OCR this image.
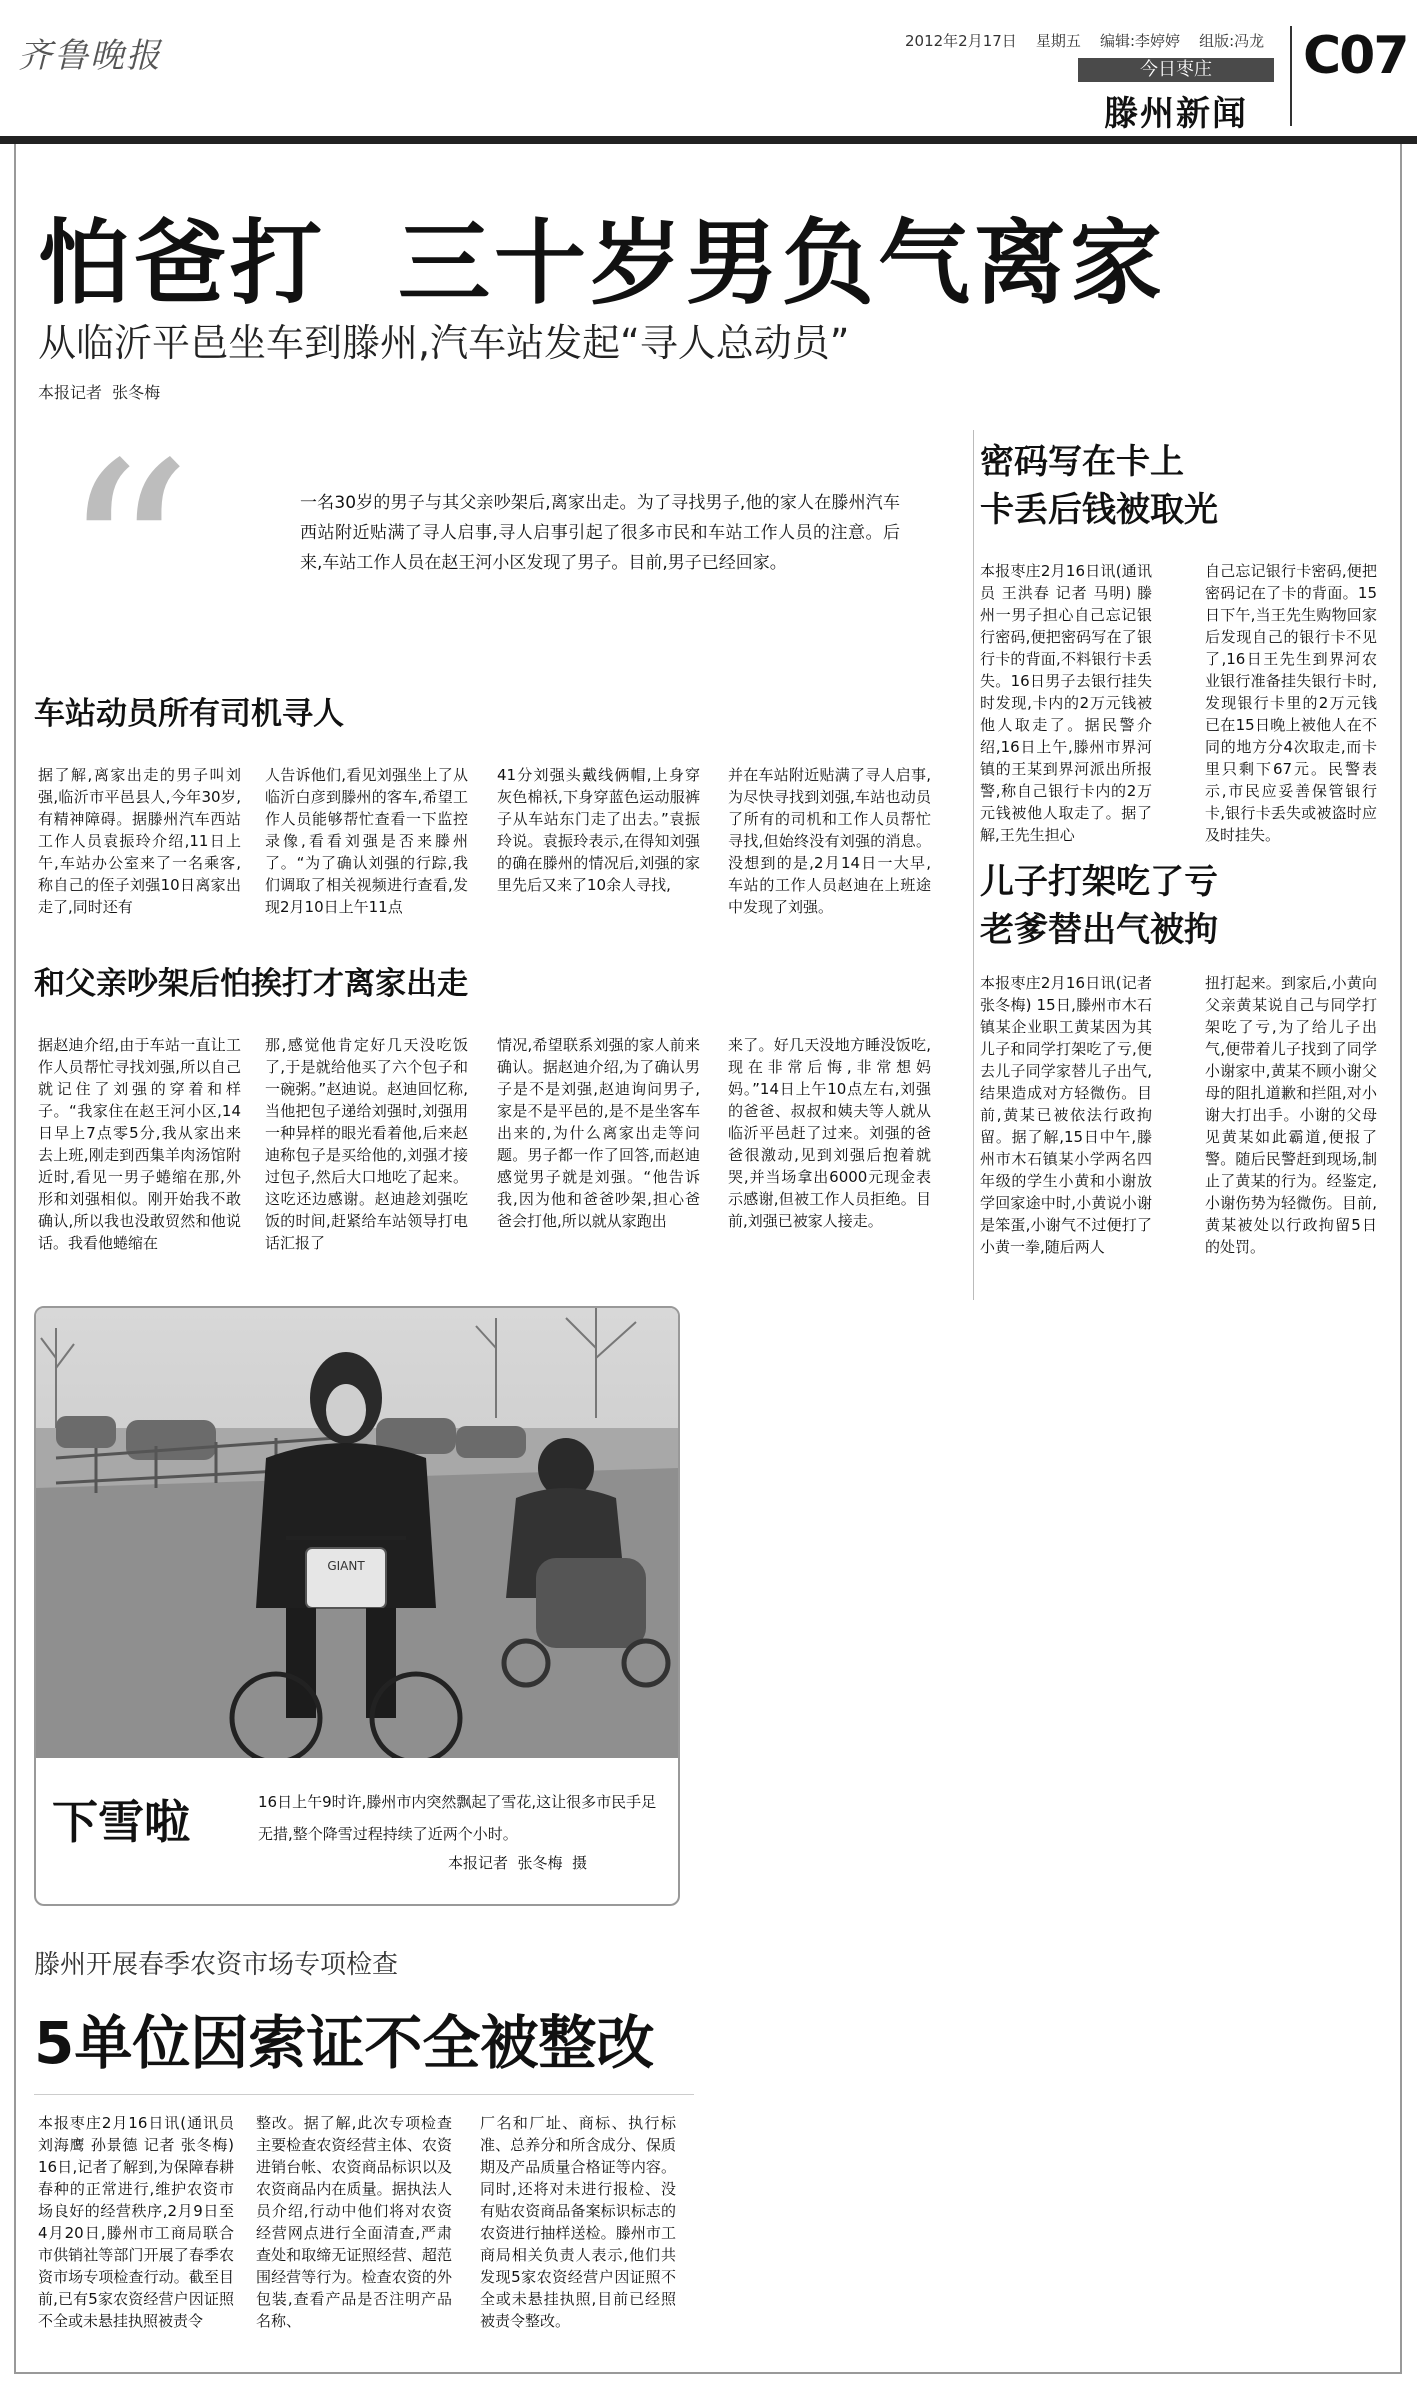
齐鲁晚报	2012年2月17日 星期五 编辑:李婷婷 组版:冯龙
今日枣庄
滕州新闻
C07
怕爸打  三十岁男负气离家
从临沂平邑坐车到滕州,汽车站发起“寻人总动员”
本报记者  张冬梅
“	一名30岁的男子与其父亲吵架后,离家出走。为了寻找男子,他的家人在滕州汽车西站附近贴满了寻人启事,寻人启事引起了很多市民和车站工作人员的注意。后来,车站工作人员在赵王河小区发现了男子。目前,男子已经回家。
车站动员所有司机寻人
据了解,离家出走的男子叫刘强,临沂市平邑县人,今年30岁,有精神障碍。据滕州汽车西站工作人员袁振玲介绍,11日上午,车站办公室来了一名乘客,称自己的侄子刘强10日离家出走了,同时还有
人告诉他们,看见刘强坐上了从临沂白彦到滕州的客车,希望工作人员能够帮忙查看一下监控录像,看看刘强是否来滕州了。“为了确认刘强的行踪,我们调取了相关视频进行查看,发现2月10日上午11点
41分刘强头戴线俩帽,上身穿灰色棉袄,下身穿蓝色运动服裤子从车站东门走了出去。”袁振玲说。袁振玲表示,在得知刘强的确在滕州的情况后,刘强的家里先后又来了10余人寻找,
并在车站附近贴满了寻人启事,为尽快寻找到刘强,车站也动员了所有的司机和工作人员帮忙寻找,但始终没有刘强的消息。没想到的是,2月14日一大早,车站的工作人员赵迪在上班途中发现了刘强。
和父亲吵架后怕挨打才离家出走
据赵迪介绍,由于车站一直让工作人员帮忙寻找刘强,所以自己就记住了刘强的穿着和样子。“我家住在赵王河小区,14日早上7点零5分,我从家出来去上班,刚走到西集羊肉汤馆附近时,看见一男子蜷缩在那,外形和刘强相似。刚开始我不敢确认,所以我也没敢贸然和他说话。我看他蜷缩在
那,感觉他肯定好几天没吃饭了,于是就给他买了六个包子和一碗粥。”赵迪说。赵迪回忆称,当他把包子递给刘强时,刘强用一种异样的眼光看着他,后来赵迪称包子是买给他的,刘强才接过包子,然后大口地吃了起来。这吃还边感谢。赵迪趁刘强吃饭的时间,赶紧给车站领导打电话汇报了
情况,希望联系刘强的家人前来确认。据赵迪介绍,为了确认男子是不是刘强,赵迪询问男子,家是不是平邑的,是不是坐客车出来的,为什么离家出走等问题。男子都一作了回答,而赵迪感觉男子就是刘强。“他告诉我,因为他和爸爸吵架,担心爸爸会打他,所以就从家跑出
来了。好几天没地方睡没饭吃,现在非常后悔,非常想妈妈。”14日上午10点左右,刘强的爸爸、叔叔和姨夫等人就从临沂平邑赶了过来。刘强的爸爸很激动,见到刘强后抱着就哭,并当场拿出6000元现金表示感谢,但被工作人员拒绝。目前,刘强已被家人接走。
密码写在卡上
卡丢后钱被取光
本报枣庄2月16日讯(通讯员 王洪春 记者 马明) 滕州一男子担心自己忘记银行密码,便把密码写在了银行卡的背面,不料银行卡丢失。16日男子去银行挂失时发现,卡内的2万元钱被他人取走了。据民警介绍,16日上午,滕州市界河镇的王某到界河派出所报警,称自己银行卡内的2万元钱被他人取走了。据了解,王先生担心
自己忘记银行卡密码,便把密码记在了卡的背面。15日下午,当王先生购物回家后发现自己的银行卡不见了,16日王先生到界河农业银行准备挂失银行卡时,发现银行卡里的2万元钱已在15日晚上被他人在不同的地方分4次取走,而卡里只剩下67元。民警表示,市民应妥善保管银行卡,银行卡丢失或被盗时应及时挂失。
儿子打架吃了亏
老爹替出气被拘
本报枣庄2月16日讯(记者 张冬梅) 15日,滕州市木石镇某企业职工黄某因为其儿子和同学打架吃了亏,便去儿子同学家替儿子出气,结果造成对方轻微伤。目前,黄某已被依法行政拘留。据了解,15日中午,滕州市木石镇某小学两名四年级的学生小黄和小谢放学回家途中时,小黄说小谢是笨蛋,小谢气不过便打了小黄一拳,随后两人
扭打起来。到家后,小黄向父亲黄某说自己与同学打架吃了亏,为了给儿子出气,便带着儿子找到了同学小谢家中,黄某不顾小谢父母的阻扎道歉和拦阻,对小谢大打出手。小谢的父母见黄某如此霸道,便报了警。随后民警赶到现场,制止了黄某的行为。经鉴定,小谢伤势为轻微伤。目前,黄某被处以行政拘留5日的处罚。
GIANT
下雪啦	16日上午9时许,滕州市内突然飘起了雪花,这让很多市民手足无措,整个降雪过程持续了近两个小时。
本报记者  张冬梅  摄
滕州开展春季农资市场专项检查
5单位因索证不全被整改
本报枣庄2月16日讯(通讯员 刘海鹰 孙景德 记者 张冬梅) 16日,记者了解到,为保障春耕春种的正常进行,维护农资市场良好的经营秩序,2月9日至4月20日,滕州市工商局联合市供销社等部门开展了春季农资市场专项检查行动。截至目前,已有5家农资经营户因证照不全或未悬挂执照被责令
整改。据了解,此次专项检查主要检查农资经营主体、农资进销台帐、农资商品标识以及农资商品内在质量。据执法人员介绍,行动中他们将对农资经营网点进行全面清查,严肃查处和取缔无证照经营、超范围经营等行为。检查农资的外包装,查看产品是否注明产品名称、
厂名和厂址、商标、执行标准、总养分和所含成分、保质期及产品质量合格证等内容。同时,还将对未进行报检、没有贴农资商品备案标识标志的农资进行抽样送检。滕州市工商局相关负责人表示,他们共发现5家农资经营户因证照不全或未悬挂执照,目前已经照被责令整改。
